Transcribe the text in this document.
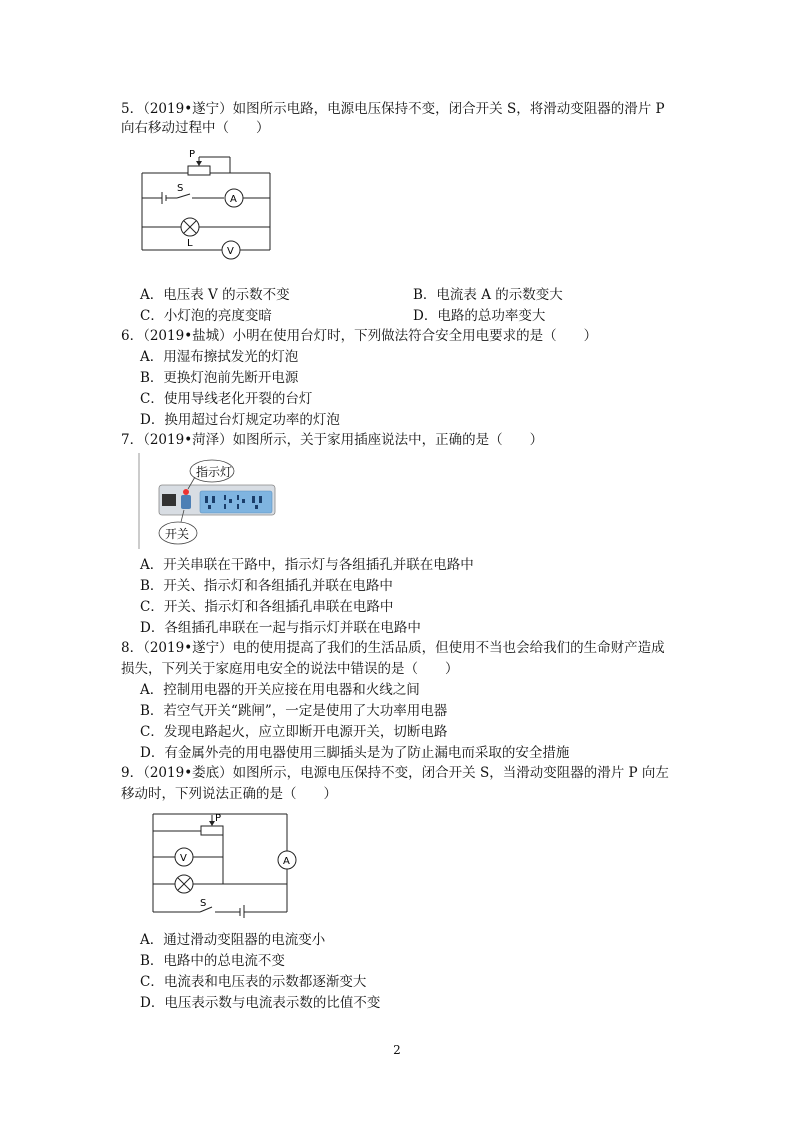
5．（2019•遂宁）如图所示电路，电源电压保持不变，闭合开关 S，将滑动变阻器的滑片 P
向右移动过程中（　　）
P
S
A
L
V
A．电压表 V 的示数不变	B．电流表 A 的示数变大
C．小灯泡的亮度变暗	D．电路的总功率变大
6．（2019•盐城）小明在使用台灯时，下列做法符合安全用电要求的是（　　）
A．用湿布擦拭发光的灯泡
B．更换灯泡前先断开电源
C．使用导线老化开裂的台灯
D．换用超过台灯规定功率的灯泡
7．（2019•菏泽）如图所示，关于家用插座说法中，正确的是（　　）
指示灯
开关
A．开关串联在干路中，指示灯与各组插孔并联在电路中
B．开关、指示灯和各组插孔并联在电路中
C．开关、指示灯和各组插孔串联在电路中
D．各组插孔串联在一起与指示灯并联在电路中
8．（2019•遂宁）电的使用提高了我们的生活品质，但使用不当也会给我们的生命财产造成
损失，下列关于家庭用电安全的说法中错误的是（　　）
A．控制用电器的开关应接在用电器和火线之间
B．若空气开关“跳闸”，一定是使用了大功率用电器
C．发现电路起火，应立即断开电源开关，切断电路
D．有金属外壳的用电器使用三脚插头是为了防止漏电而采取的安全措施
9．（2019•娄底）如图所示，电源电压保持不变，闭合开关 S，当滑动变阻器的滑片 P 向左
移动时，下列说法正确的是（　　）
P
V	A
S
A．通过滑动变阻器的电流变小
B．电路中的总电流不变
C．电流表和电压表的示数都逐渐变大
D．电压表示数与电流表示数的比值不变
2
